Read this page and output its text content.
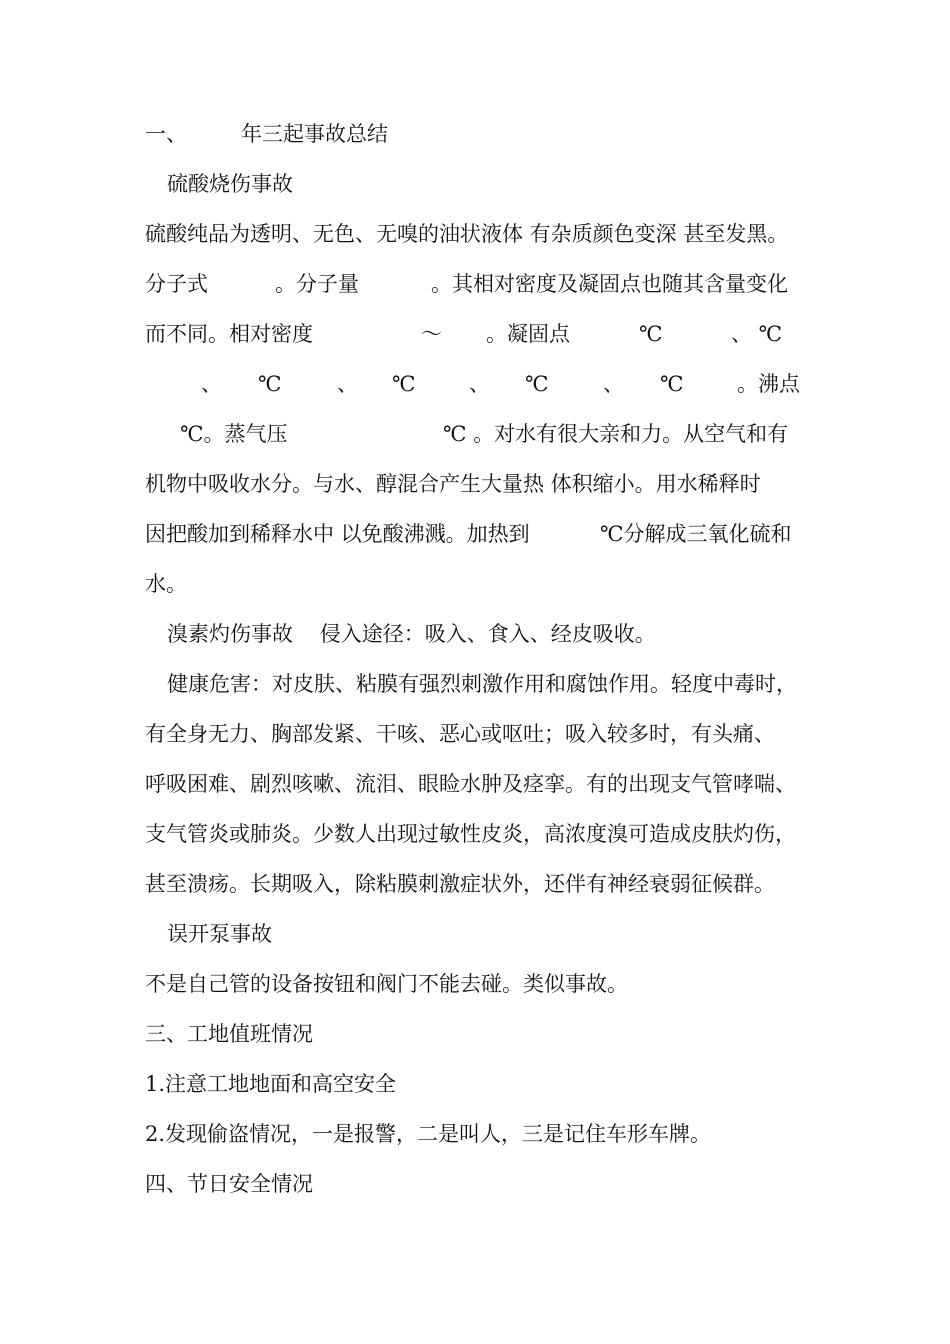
一、	年三起事故总结
硫酸烧伤事故
硫酸纯品为透明、无色、无嗅的油状液体 有杂质颜色变深 甚至发黑。
分子式	。分子量	。其相对密度及凝固点也随其含量变化
而不同。相对密度	～ 。凝固点	℃	、 ℃
、 ℃	、 ℃	、 ℃	、 ℃	。沸点
℃。蒸气压	℃ 。对水有很大亲和力。从空气和有
机物中吸收水分。与水、醇混合产生大量热 体积缩小。用水稀释时
因把酸加到稀释水中 以免酸沸溅。加热到	℃分解成三氧化硫和
水。
溴素灼伤事故    侵入途径：吸入、食入、经皮吸收。
健康危害：对皮肤、粘膜有强烈刺激作用和腐蚀作用。轻度中毒时，
有全身无力、胸部发紧、干咳、恶心或呕吐；吸入较多时，有头痛、
呼吸困难、剧烈咳嗽、流泪、眼睑水肿及痉挛。有的出现支气管哮喘、
支气管炎或肺炎。少数人出现过敏性皮炎，高浓度溴可造成皮肤灼伤，
甚至溃疡。长期吸入，除粘膜刺激症状外，还伴有神经衰弱征候群。
误开泵事故
不是自己管的设备按钮和阀门不能去碰。类似事故。
三、工地值班情况
1.注意工地地面和高空安全
2.发现偷盗情况，一是报警，二是叫人，三是记住车形车牌。
四、节日安全情况
